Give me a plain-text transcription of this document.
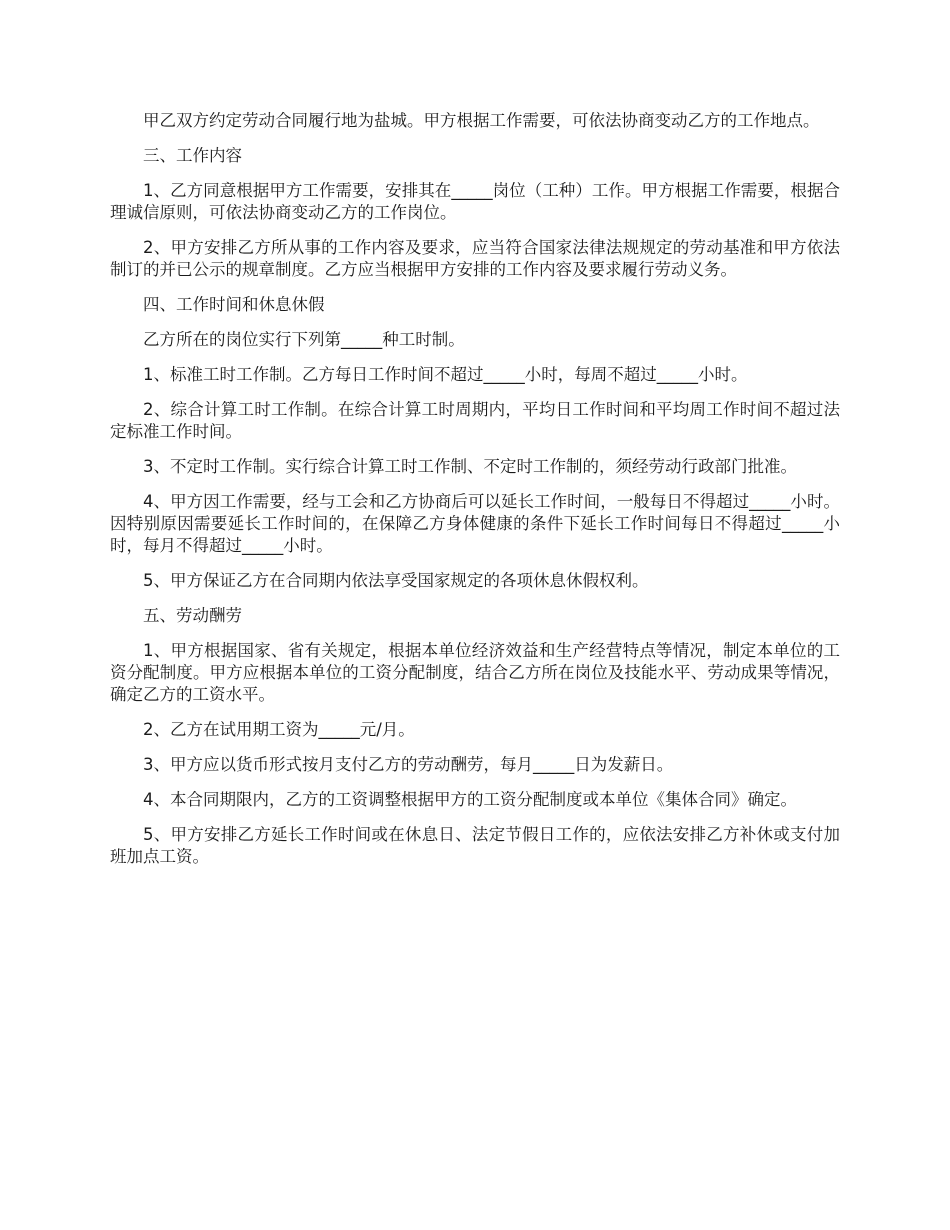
甲乙双方约定劳动合同履行地为盐城。甲方根据工作需要，可依法协商变动乙方的工作地点。

三、工作内容

1、乙方同意根据甲方工作需要，安排其在_____岗位（工种）工作。甲方根据工作需要，根据合理诚信原则，可依法协商变动乙方的工作岗位。

2、甲方安排乙方所从事的工作内容及要求，应当符合国家法律法规规定的劳动基准和甲方依法制订的并已公示的规章制度。乙方应当根据甲方安排的工作内容及要求履行劳动义务。

四、工作时间和休息休假

乙方所在的岗位实行下列第_____种工时制。

1、标准工时工作制。乙方每日工作时间不超过_____小时，每周不超过_____小时。

2、综合计算工时工作制。在综合计算工时周期内，平均日工作时间和平均周工作时间不超过法定标准工作时间。

3、不定时工作制。实行综合计算工时工作制、不定时工作制的，须经劳动行政部门批准。

4、甲方因工作需要，经与工会和乙方协商后可以延长工作时间，一般每日不得超过_____小时。因特别原因需要延长工作时间的，在保障乙方身体健康的条件下延长工作时间每日不得超过_____小时，每月不得超过_____小时。

5、甲方保证乙方在合同期内依法享受国家规定的各项休息休假权利。

五、劳动酬劳

1、甲方根据国家、省有关规定，根据本单位经济效益和生产经营特点等情况，制定本单位的工资分配制度。甲方应根据本单位的工资分配制度，结合乙方所在岗位及技能水平、劳动成果等情况，确定乙方的工资水平。

2、乙方在试用期工资为_____元/月。

3、甲方应以货币形式按月支付乙方的劳动酬劳，每月_____日为发薪日。

4、本合同期限内，乙方的工资调整根据甲方的工资分配制度或本单位《集体合同》确定。

5、甲方安排乙方延长工作时间或在休息日、法定节假日工作的，应依法安排乙方补休或支付加班加点工资。
